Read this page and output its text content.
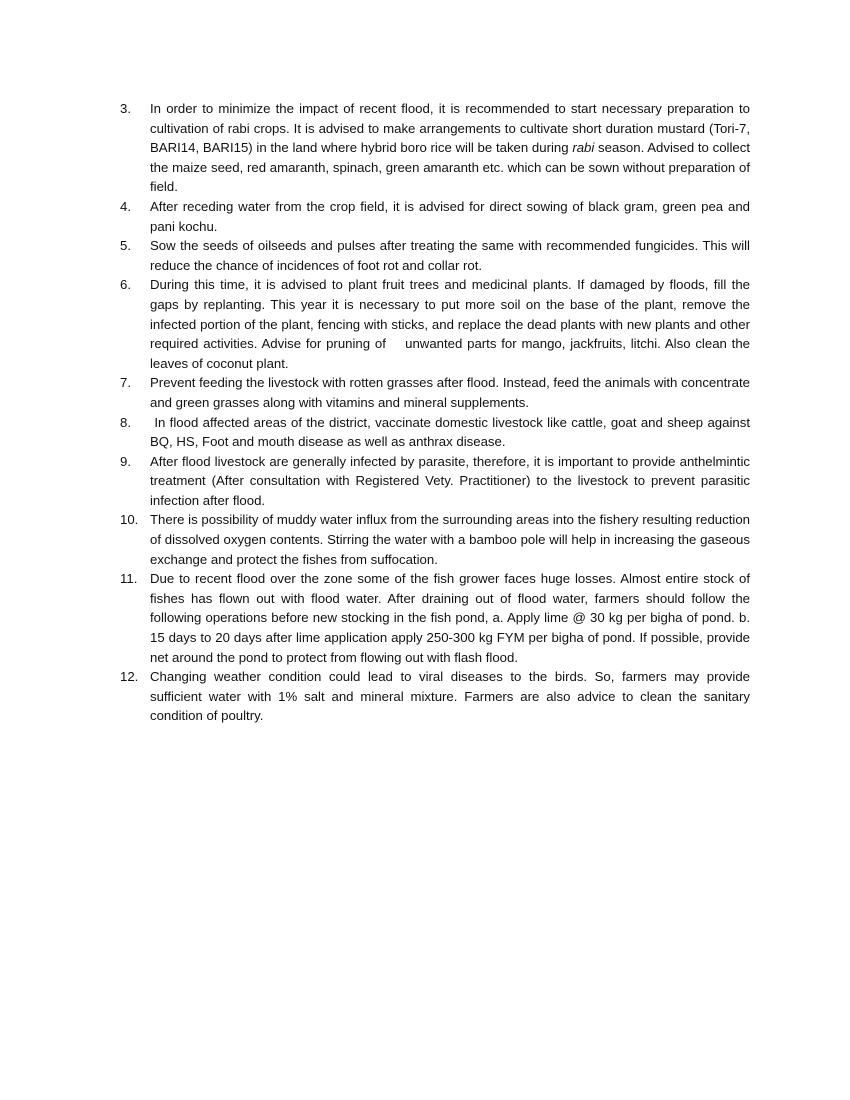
3.	In order to minimize the impact of recent flood, it is recommended to start necessary preparation to cultivation of rabi crops. It is advised to make arrangements to cultivate short duration mustard (Tori-7, BARI14, BARI15) in the land where hybrid boro rice will be taken during rabi season. Advised to collect the maize seed, red amaranth, spinach, green amaranth etc. which can be sown without preparation of field.
4.	After receding water from the crop field, it is advised for direct sowing of black gram, green pea and pani kochu.
5.	Sow the seeds of oilseeds and pulses after treating the same with recommended fungicides. This will reduce the chance of incidences of foot rot and collar rot.
6.	During this time, it is advised to plant fruit trees and medicinal plants. If damaged by floods, fill the gaps by replanting. This year it is necessary to put more soil on the base of the plant, remove the infected portion of the plant, fencing with sticks, and replace the dead plants with new plants and other required activities. Advise for pruning of    unwanted parts for mango, jackfruits, litchi. Also clean the leaves of coconut plant.
7.	Prevent feeding the livestock with rotten grasses after flood. Instead, feed the animals with concentrate and green grasses along with vitamins and mineral supplements.
8.	In flood affected areas of the district, vaccinate domestic livestock like cattle, goat and sheep against BQ, HS, Foot and mouth disease as well as anthrax disease.
9.	After flood livestock are generally infected by parasite, therefore, it is important to provide anthelmintic treatment (After consultation with Registered Vety. Practitioner) to the livestock to prevent parasitic infection after flood.
10. There is possibility of muddy water influx from the surrounding areas into the fishery resulting reduction of dissolved oxygen contents. Stirring the water with a bamboo pole will help in increasing the gaseous exchange and protect the fishes from suffocation.
11. Due to recent flood over the zone some of the fish grower faces huge losses. Almost entire stock of fishes has flown out with flood water. After draining out of flood water, farmers should follow the following operations before new stocking in the fish pond, a. Apply lime @ 30 kg per bigha of pond. b. 15 days to 20 days after lime application apply 250-300 kg FYM per bigha of pond. If possible, provide net around the pond to protect from flowing out with flash flood.
12. Changing weather condition could lead to viral diseases to the birds. So, farmers may provide sufficient water with 1% salt and mineral mixture. Farmers are also advice to clean the sanitary condition of poultry.
